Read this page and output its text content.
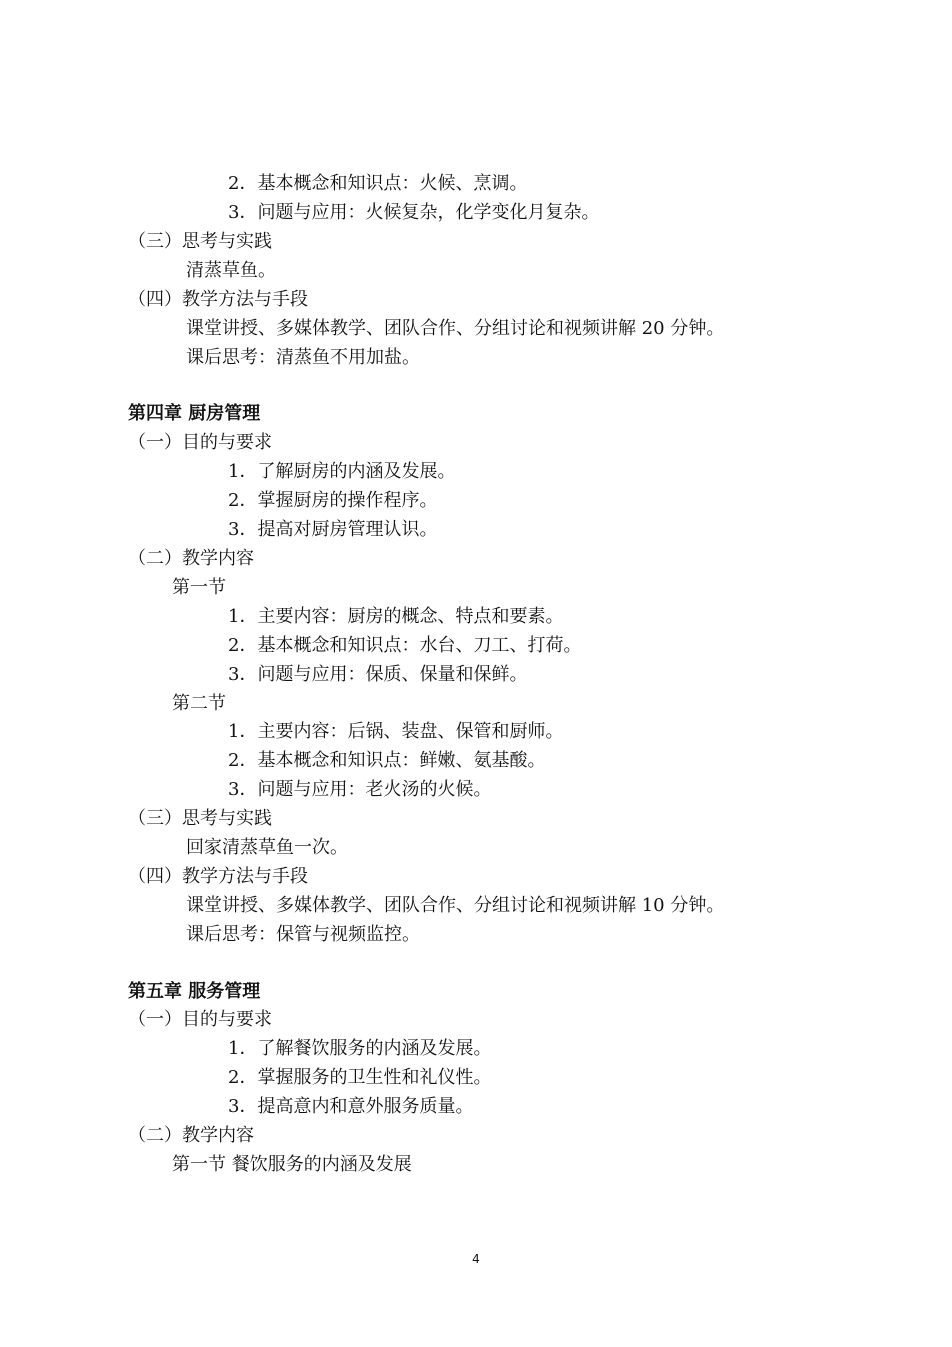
2．基本概念和知识点：火候、烹调。
3．问题与应用：火候复杂，化学变化月复杂。
（三）思考与实践
清蒸草鱼。
（四）教学方法与手段
课堂讲授、多媒体教学、团队合作、分组讨论和视频讲解 20 分钟。
课后思考：清蒸鱼不用加盐。
第四章 厨房管理
（一）目的与要求
1．了解厨房的内涵及发展。
2．掌握厨房的操作程序。
3．提高对厨房管理认识。
（二）教学内容
第一节
1．主要内容：厨房的概念、特点和要素。
2．基本概念和知识点：水台、刀工、打荷。
3．问题与应用：保质、保量和保鲜。
第二节
1．主要内容：后锅、装盘、保管和厨师。
2．基本概念和知识点：鲜嫩、氨基酸。
3．问题与应用：老火汤的火候。
（三）思考与实践
回家清蒸草鱼一次。
（四）教学方法与手段
课堂讲授、多媒体教学、团队合作、分组讨论和视频讲解 10 分钟。
课后思考：保管与视频监控。
第五章 服务管理
（一）目的与要求
1．了解餐饮服务的内涵及发展。
2．掌握服务的卫生性和礼仪性。
3．提高意内和意外服务质量。
（二）教学内容
第一节 餐饮服务的内涵及发展
4
